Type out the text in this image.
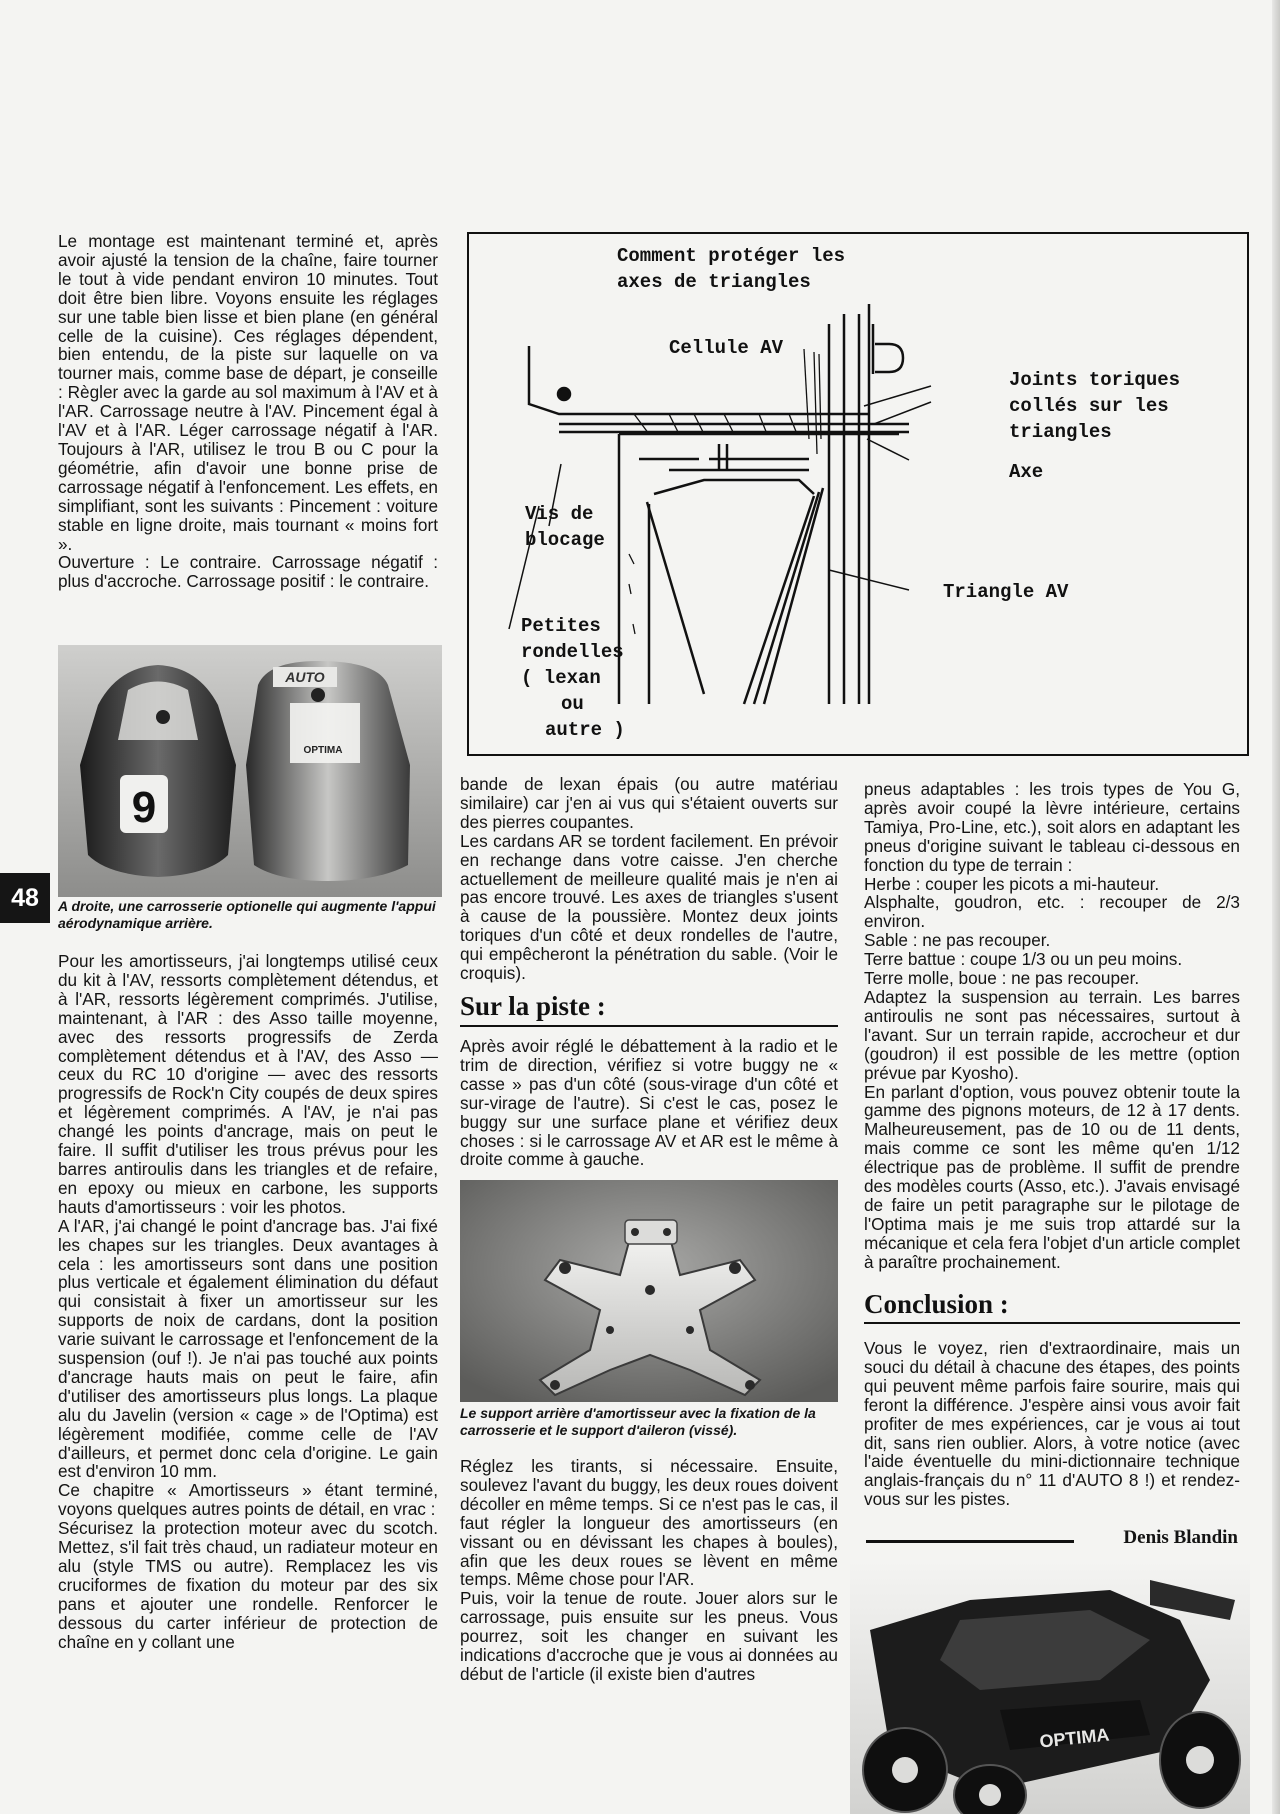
Le montage est maintenant terminé et, après avoir ajusté la tension de la chaîne, faire tourner le tout à vide pendant environ 10 minutes. Tout doit être bien libre. Voyons ensuite les réglages sur une table bien lisse et bien plane (en général celle de la cuisine). Ces réglages dépendent, bien entendu, de la piste sur laquelle on va tourner mais, comme base de départ, je conseille : Règler avec la garde au sol maximum à l'AV et à l'AR. Carrossage neutre à l'AV. Pincement égal à l'AV et à l'AR. Léger carrossage négatif à l'AR. Toujours à l'AR, utilisez le trou B ou C pour la géométrie, afin d'avoir une bonne prise de carrossage négatif à l'enfoncement. Les effets, en simplifiant, sont les suivants : Pincement : voiture stable en ligne droite, mais tournant « moins fort ».

Ouverture : Le contraire. Carrossage négatif : plus d'accroche. Carrossage positif : le contraire.

9
OPTIMA
AUTO
48	A droite, une carrosserie optionelle qui augmente l'appui aérodynamique arrière.

Pour les amortisseurs, j'ai longtemps utilisé ceux du kit à l'AV, ressorts complètement détendus, et à l'AR, ressorts légèrement comprimés. J'utilise, maintenant, à l'AR : des Asso taille moyenne, avec des ressorts progressifs de Zerda complètement détendus et à l'AV, des Asso — ceux du RC 10 d'origine — avec des ressorts progressifs de Rock'n City coupés de deux spires et légèrement comprimés. A l'AV, je n'ai pas changé les points d'ancrage, mais on peut le faire. Il suffit d'utiliser les trous prévus pour les barres antiroulis dans les triangles et de refaire, en epoxy ou mieux en carbone, les supports hauts d'amortisseurs : voir les photos.

A l'AR, j'ai changé le point d'ancrage bas. J'ai fixé les chapes sur les triangles. Deux avantages à cela : les amortisseurs sont dans une position plus verticale et également élimination du défaut qui consistait à fixer un amortisseur sur les supports de noix de cardans, dont la position varie suivant le carrossage et l'enfoncement de la suspension (ouf !). Je n'ai pas touché aux points d'ancrage hauts mais on peut le faire, afin d'utiliser des amortisseurs plus longs. La plaque alu du Javelin (version « cage » de l'Optima) est légèrement modifiée, comme celle de l'AV d'ailleurs, et permet donc cela d'origine. Le gain est d'environ 10 mm.

Ce chapitre « Amortisseurs » étant terminé, voyons quelques autres points de détail, en vrac :

Sécurisez la protection moteur avec du scotch. Mettez, s'il fait très chaud, un radiateur moteur en alu (style TMS ou autre). Remplacez les vis cruciformes de fixation du moteur par des six pans et ajouter une rondelle. Renforcer le dessous du carter inférieur de protection de chaîne en y collant une

Comment protéger les
axes de triangles
Cellule AV
Joints toriques
collés sur les
triangles
Axe
Vis de
blocage
Triangle AV
Petites
rondelles
( lexan
ou
autre )

bande de lexan épais (ou autre matériau similaire) car j'en ai vus qui s'étaient ouverts sur des pierres coupantes.

Les cardans AR se tordent facilement. En prévoir en rechange dans votre caisse. J'en cherche actuellement de meilleure qualité mais je n'en ai pas encore trouvé. Les axes de triangles s'usent à cause de la poussière. Montez deux joints toriques d'un côté et deux rondelles de l'autre, qui empêcheront la pénétration du sable. (Voir le croquis).

Sur la piste :

Après avoir réglé le débattement à la radio et le trim de direction, vérifiez si votre buggy ne « casse » pas d'un côté (sous-virage d'un côté et sur-virage de l'autre). Si c'est le cas, posez le buggy sur une surface plane et vérifiez deux choses : si le carrossage AV et AR est le même à droite comme à gauche.

Le support arrière d'amortisseur avec la fixation de la carrosserie et le support d'aileron (vissé).

Réglez les tirants, si nécessaire. Ensuite, soulevez l'avant du buggy, les deux roues doivent décoller en même temps. Si ce n'est pas le cas, il faut régler la longueur des amortisseurs (en vissant ou en dévissant les chapes à boules), afin que les deux roues se lèvent en même temps. Même chose pour l'AR.

Puis, voir la tenue de route. Jouer alors sur le carrossage, puis ensuite sur les pneus. Vous pourrez, soit les changer en suivant les indications d'accroche que je vous ai données au début de l'article (il existe bien d'autres

pneus adaptables : les trois types de You G, après avoir coupé la lèvre intérieure, certains Tamiya, Pro-Line, etc.), soit alors en adaptant les pneus d'origine suivant le tableau ci-dessous en fonction du type de terrain :

Herbe : couper les picots a mi-hauteur.

Alsphalte, goudron, etc. : recouper de 2/3 environ.

Sable : ne pas recouper.

Terre battue : coupe 1/3 ou un peu moins.

Terre molle, boue : ne pas recouper.

Adaptez la suspension au terrain. Les barres antiroulis ne sont pas nécessaires, surtout à l'avant. Sur un terrain rapide, accrocheur et dur (goudron) il est possible de les mettre (option prévue par Kyosho).

En parlant d'option, vous pouvez obtenir toute la gamme des pignons moteurs, de 12 à 17 dents. Malheureusement, pas de 10 ou de 11 dents, mais comme ce sont les même qu'en 1/12 électrique pas de problème. Il suffit de prendre des modèles courts (Asso, etc.). J'avais envisagé de faire un petit paragraphe sur le pilotage de l'Optima mais je me suis trop attardé sur la mécanique et cela fera l'objet d'un article complet à paraître prochainement.

Conclusion :

Vous le voyez, rien d'extraordinaire, mais un souci du détail à chacune des étapes, des points qui peuvent même parfois faire sourire, mais qui feront la différence. J'espère ainsi vous avoir fait profiter de mes expériences, car je vous ai tout dit, sans rien oublier. Alors, à votre notice (avec l'aide éventuelle du mini-dictionnaire technique anglais-français du n° 11 d'AUTO 8 !) et rendez-vous sur les pistes.

Denis Blandin
OPTIMA
